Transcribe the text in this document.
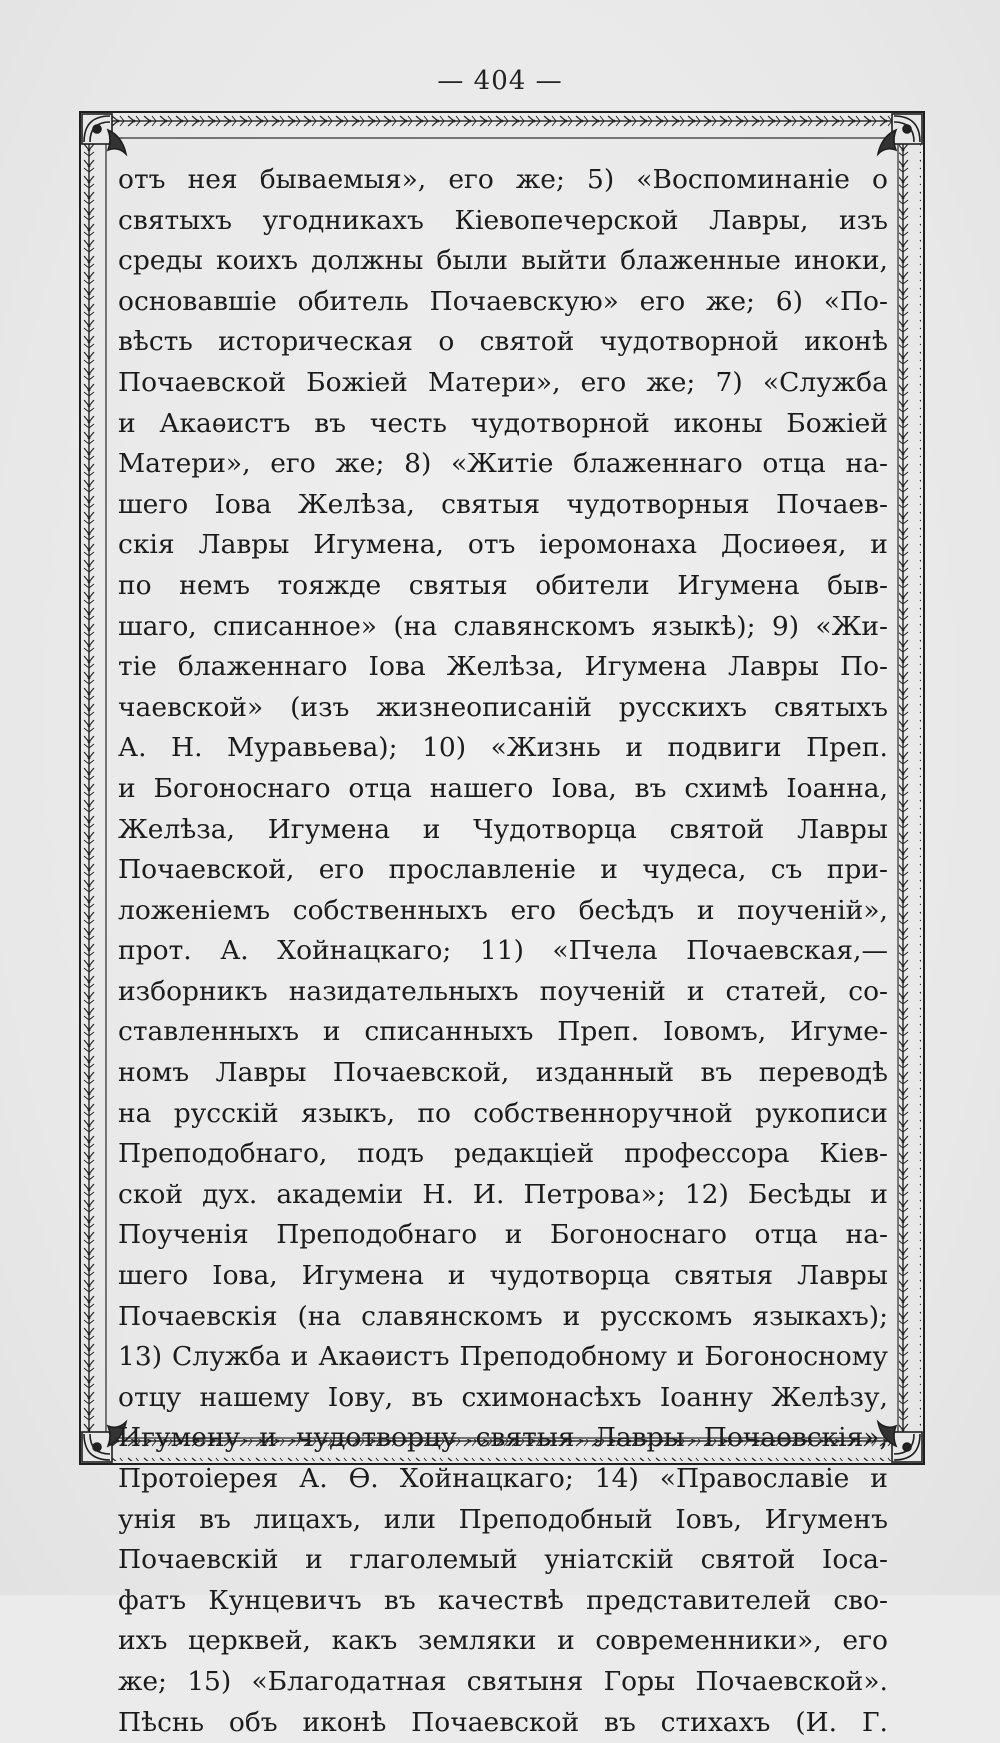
— 404 —
отъ нея бываемыя», его же; 5) «Воспоминаніе о
святыхъ угодникахъ Кіевопечерской Лавры, изъ
среды коихъ должны были выйти блаженные иноки,
основавшіе обитель Почаевскую» его же; 6) «По-
вѣсть историческая о святой чудотворной иконѣ
Почаевской Божіей Матери», его же; 7) «Служба
и Акаѳистъ въ честь чудотворной иконы Божіей
Матери», его же; 8) «Житіе блаженнаго отца на-
шего Іова Желѣза, святыя чудотворныя Почаев-
скія Лавры Игумена, отъ іеромонаха Досиѳея, и
по немъ тояжде святыя обители Игумена быв-
шаго, списанное» (на славянскомъ языкѣ); 9) «Жи-
тіе блаженнаго Іова Желѣза, Игумена Лавры По-
чаевской» (изъ жизнеописаній русскихъ святыхъ
А. Н. Муравьева); 10) «Жизнь и подвиги Преп.
и Богоноснаго отца нашего Іова, въ схимѣ Іоанна,
Желѣза, Игумена и Чудотворца святой Лавры
Почаевской, его прославленіе и чудеса, съ при-
ложеніемъ собственныхъ его бесѣдъ и поученій»,
прот. А. Хойнацкаго; 11) «Пчела Почаевская,—
изборникъ назидательныхъ поученій и статей, со-
ставленныхъ и списанныхъ Преп. Іовомъ, Игуме-
номъ Лавры Почаевской, изданный въ переводѣ
на русскій языкъ, по собственноручной рукописи
Преподобнаго, подъ редакціей профессора Кіев-
ской дух. академіи Н. И. Петрова»; 12) Бесѣды и
Поученія Преподобнаго и Богоноснаго отца на-
шего Іова, Игумена и чудотворца святыя Лавры
Почаевскія (на славянскомъ и русскомъ языкахъ);
13) Служба и Акаѳистъ Преподобному и Богоносному
отцу нашему Іову, въ схимонасѣхъ Іоанну Желѣзу,
Игумену и чудотворцу святыя Лавры Почаевскія»,
Протоіерея А. Ѳ. Хойнацкаго; 14) «Православіе и
унія въ лицахъ, или Преподобный Іовъ, Игуменъ
Почаевскій и глаголемый уніатскій святой Іоса-
фатъ Кунцевичъ въ качествѣ представителей сво-
ихъ церквей, какъ земляки и современники», его
же; 15) «Благодатная святыня Горы Почаевской».
Пѣснь объ иконѣ Почаевской въ стихахъ (И. Г.
